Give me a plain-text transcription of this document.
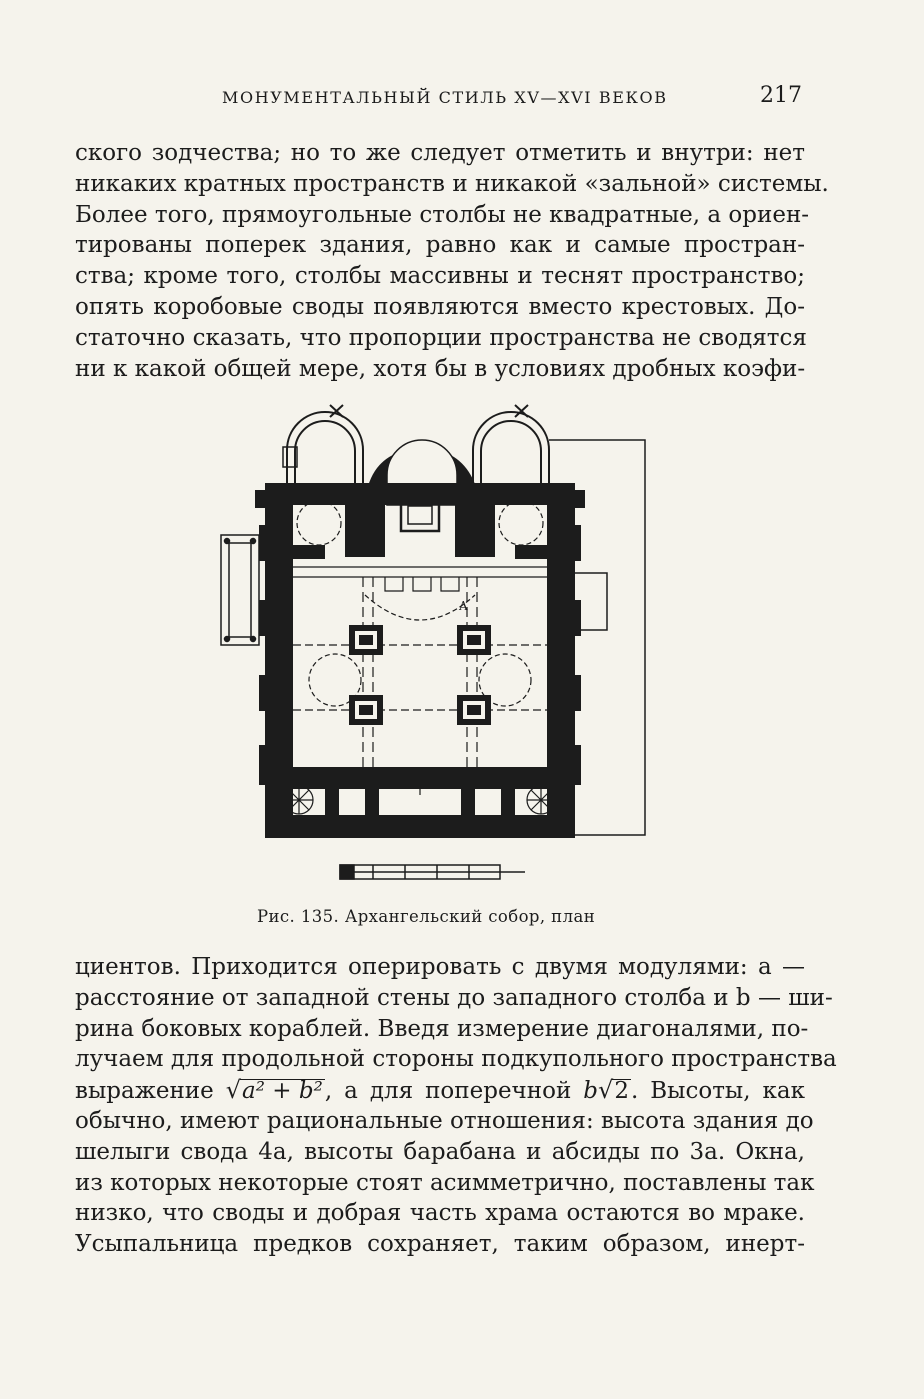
МОНУМЕНТАЛЬНЫЙ СТИЛЬ XV—XVI ВЕКОВ	217
ского зодчества; но то же следует отметить и внутри: нет
никаких кратных пространств и никакой «зальной» системы.
Более того, прямоугольные столбы не квадратные, а ориен-
тированы поперек здания, равно как и самые простран-
ства; кроме того, столбы массивны и теснят пространство;
опять коробовые своды появляются вместо крестовых. До-
статочно сказать, что пропорции пространства не сводятся
ни к какой общей мере, хотя бы в условиях дробных коэфи-
A
Рис. 135. Архангельский собор, план
циентов. Приходится оперировать с двумя модулями: a —
расстояние от западной стены до западного столба и b — ши-
рина боковых кораблей. Введя измерение диагоналями, по-
лучаем для продольной стороны подкупольного пространства
выражение √a² + b², а для поперечной b√2. Высоты, как
обычно, имеют рациональные отношения: высота здания до
шелыги свода 4a, высоты барабана и абсиды по 3a. Окна,
из которых некоторые стоят асимметрично, поставлены так
низко, что своды и добрая часть храма остаются во мраке.
Усыпальница предков сохраняет, таким образом, инерт-
